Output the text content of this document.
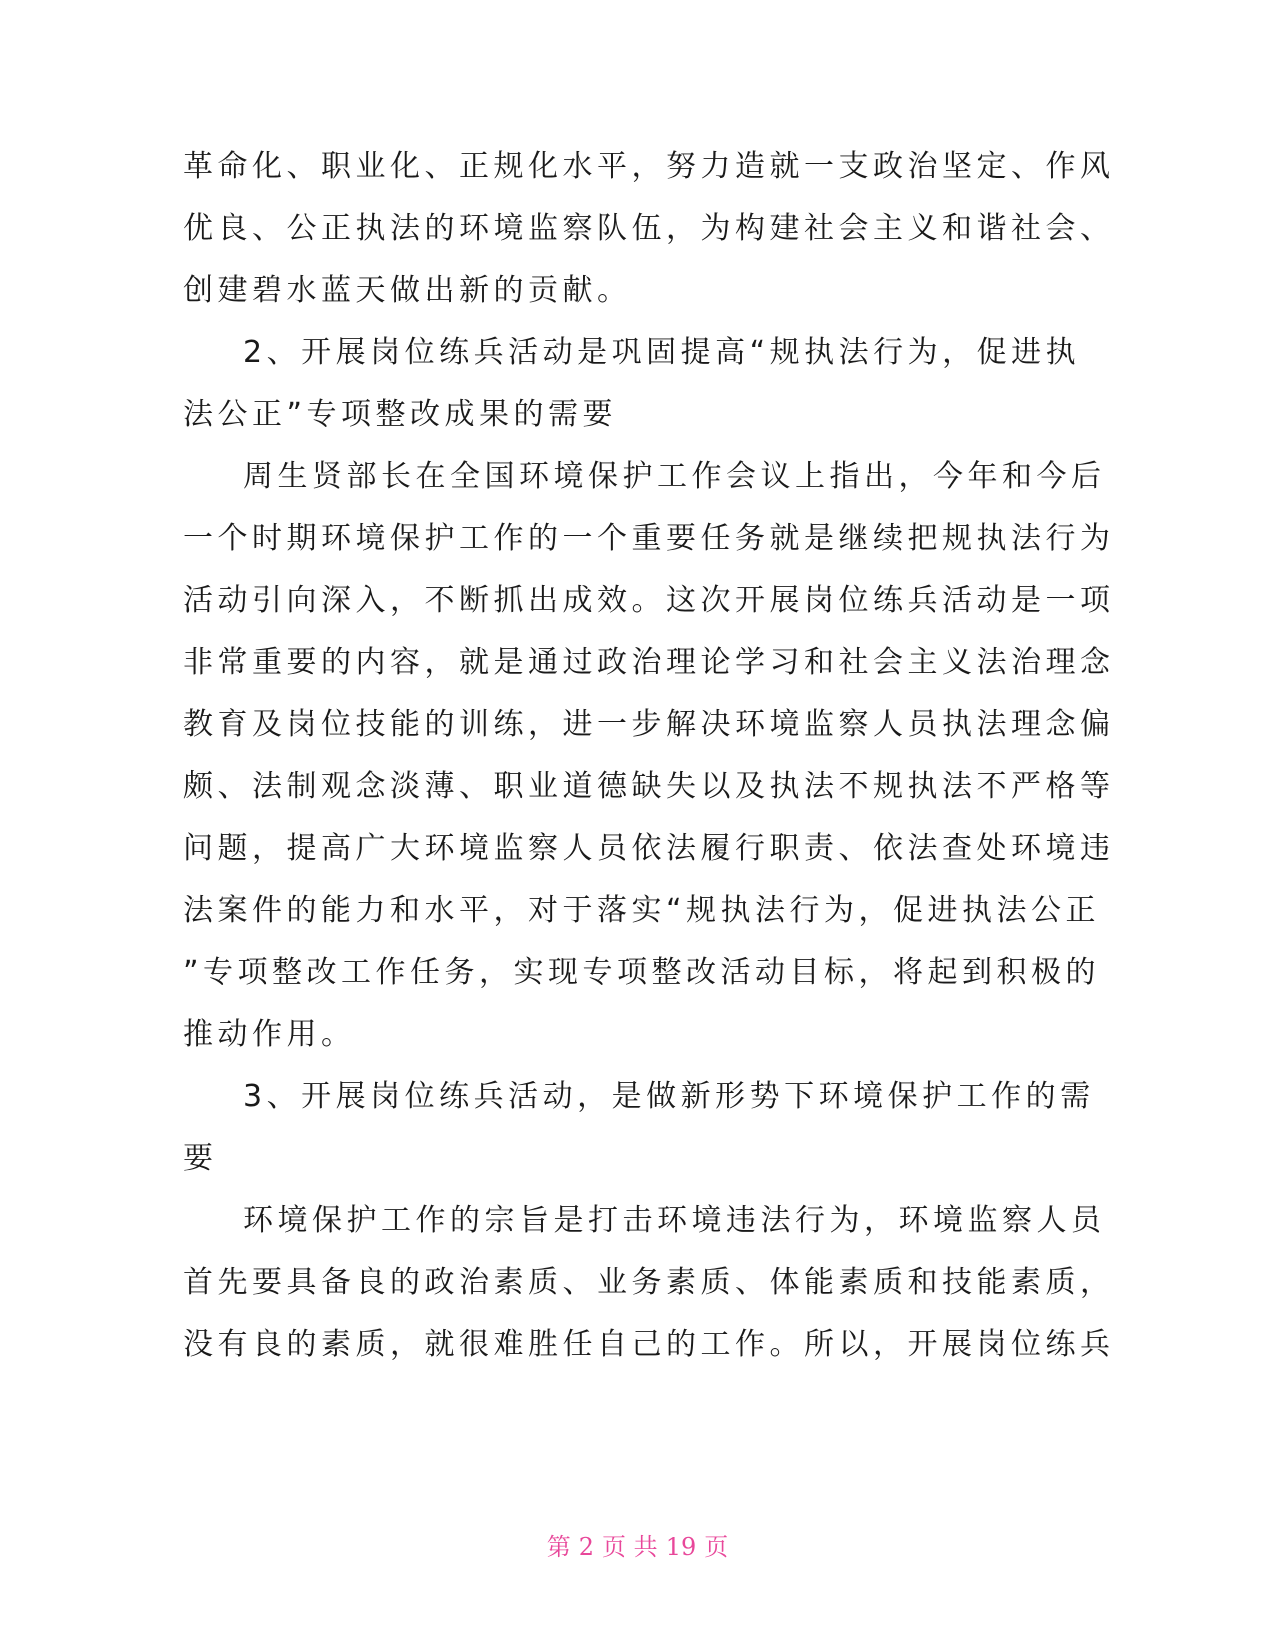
革命化、职业化、正规化水平，努力造就一支政治坚定、作风
优良、公正执法的环境监察队伍，为构建社会主义和谐社会、
创建碧水蓝天做出新的贡献。
2、开展岗位练兵活动是巩固提高“规执法行为，促进执
法公正”专项整改成果的需要
周生贤部长在全国环境保护工作会议上指出，今年和今后
一个时期环境保护工作的一个重要任务就是继续把规执法行为
活动引向深入，不断抓出成效。这次开展岗位练兵活动是一项
非常重要的内容，就是通过政治理论学习和社会主义法治理念
教育及岗位技能的训练，进一步解决环境监察人员执法理念偏
颇、法制观念淡薄、职业道德缺失以及执法不规执法不严格等
问题，提高广大环境监察人员依法履行职责、依法查处环境违
法案件的能力和水平，对于落实“规执法行为，促进执法公正
”专项整改工作任务，实现专项整改活动目标，将起到积极的
推动作用。
3、开展岗位练兵活动，是做新形势下环境保护工作的需
要
环境保护工作的宗旨是打击环境违法行为，环境监察人员
首先要具备良的政治素质、业务素质、体能素质和技能素质，
没有良的素质，就很难胜任自己的工作。所以，开展岗位练兵
第 2 页 共 19 页
